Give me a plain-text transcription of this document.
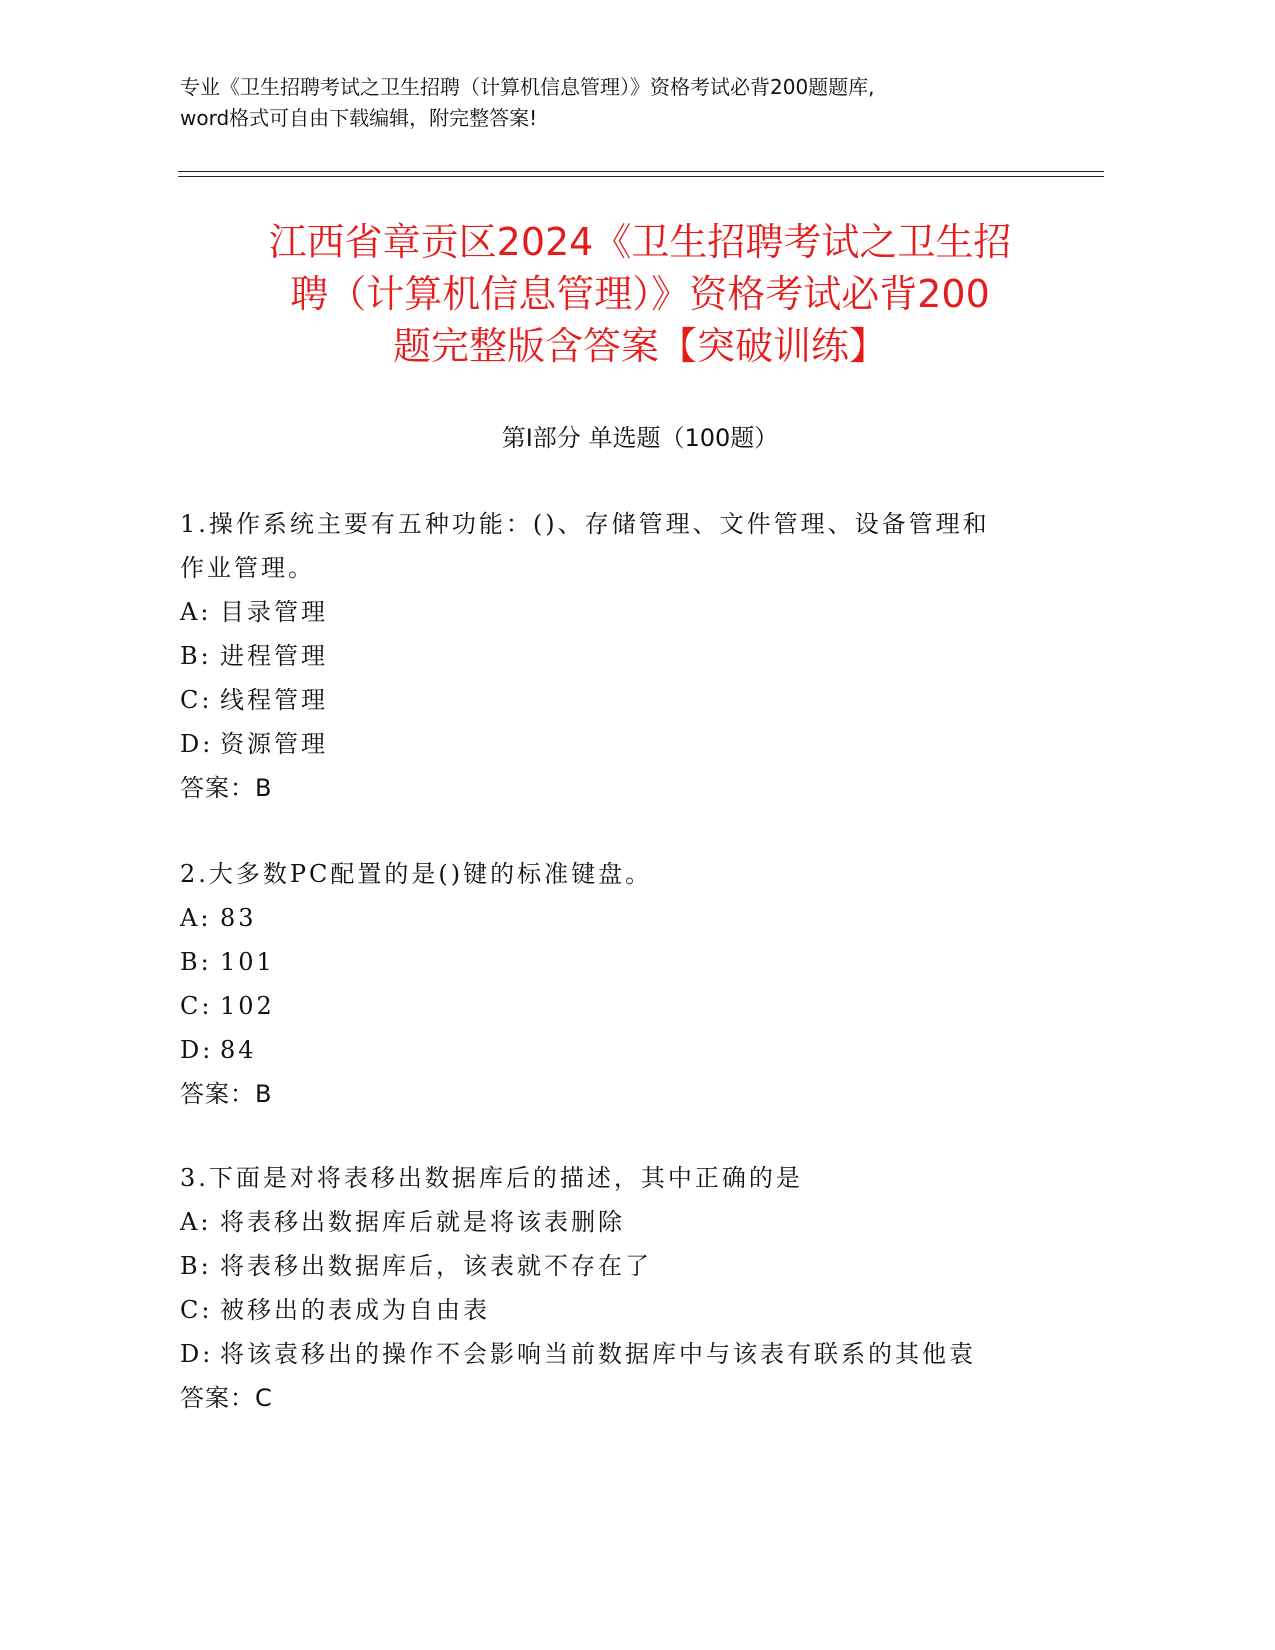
专业《卫生招聘考试之卫生招聘（计算机信息管理）》资格考试必背200题题库,
word格式可自由下载编辑，附完整答案!
江西省章贡区2024《卫生招聘考试之卫生招
聘（计算机信息管理）》资格考试必背200
题完整版含答案【突破训练】
第Ⅰ部分 单选题（100题）
1.操作系统主要有五种功能：()、存储管理、文件管理、设备管理和
作业管理。
A: 目录管理
B: 进程管理
C: 线程管理
D: 资源管理
答案：B
2.大多数PC配置的是()键的标准键盘。
A: 83
B: 101
C: 102
D: 84
答案：B
3.下面是对将表移出数据库后的描述，其中正确的是
A: 将表移出数据库后就是将该表删除
B: 将表移出数据库后，该表就不存在了
C: 被移出的表成为自由表
D: 将该袁移出的操作不会影响当前数据库中与该表有联系的其他袁
答案：C
